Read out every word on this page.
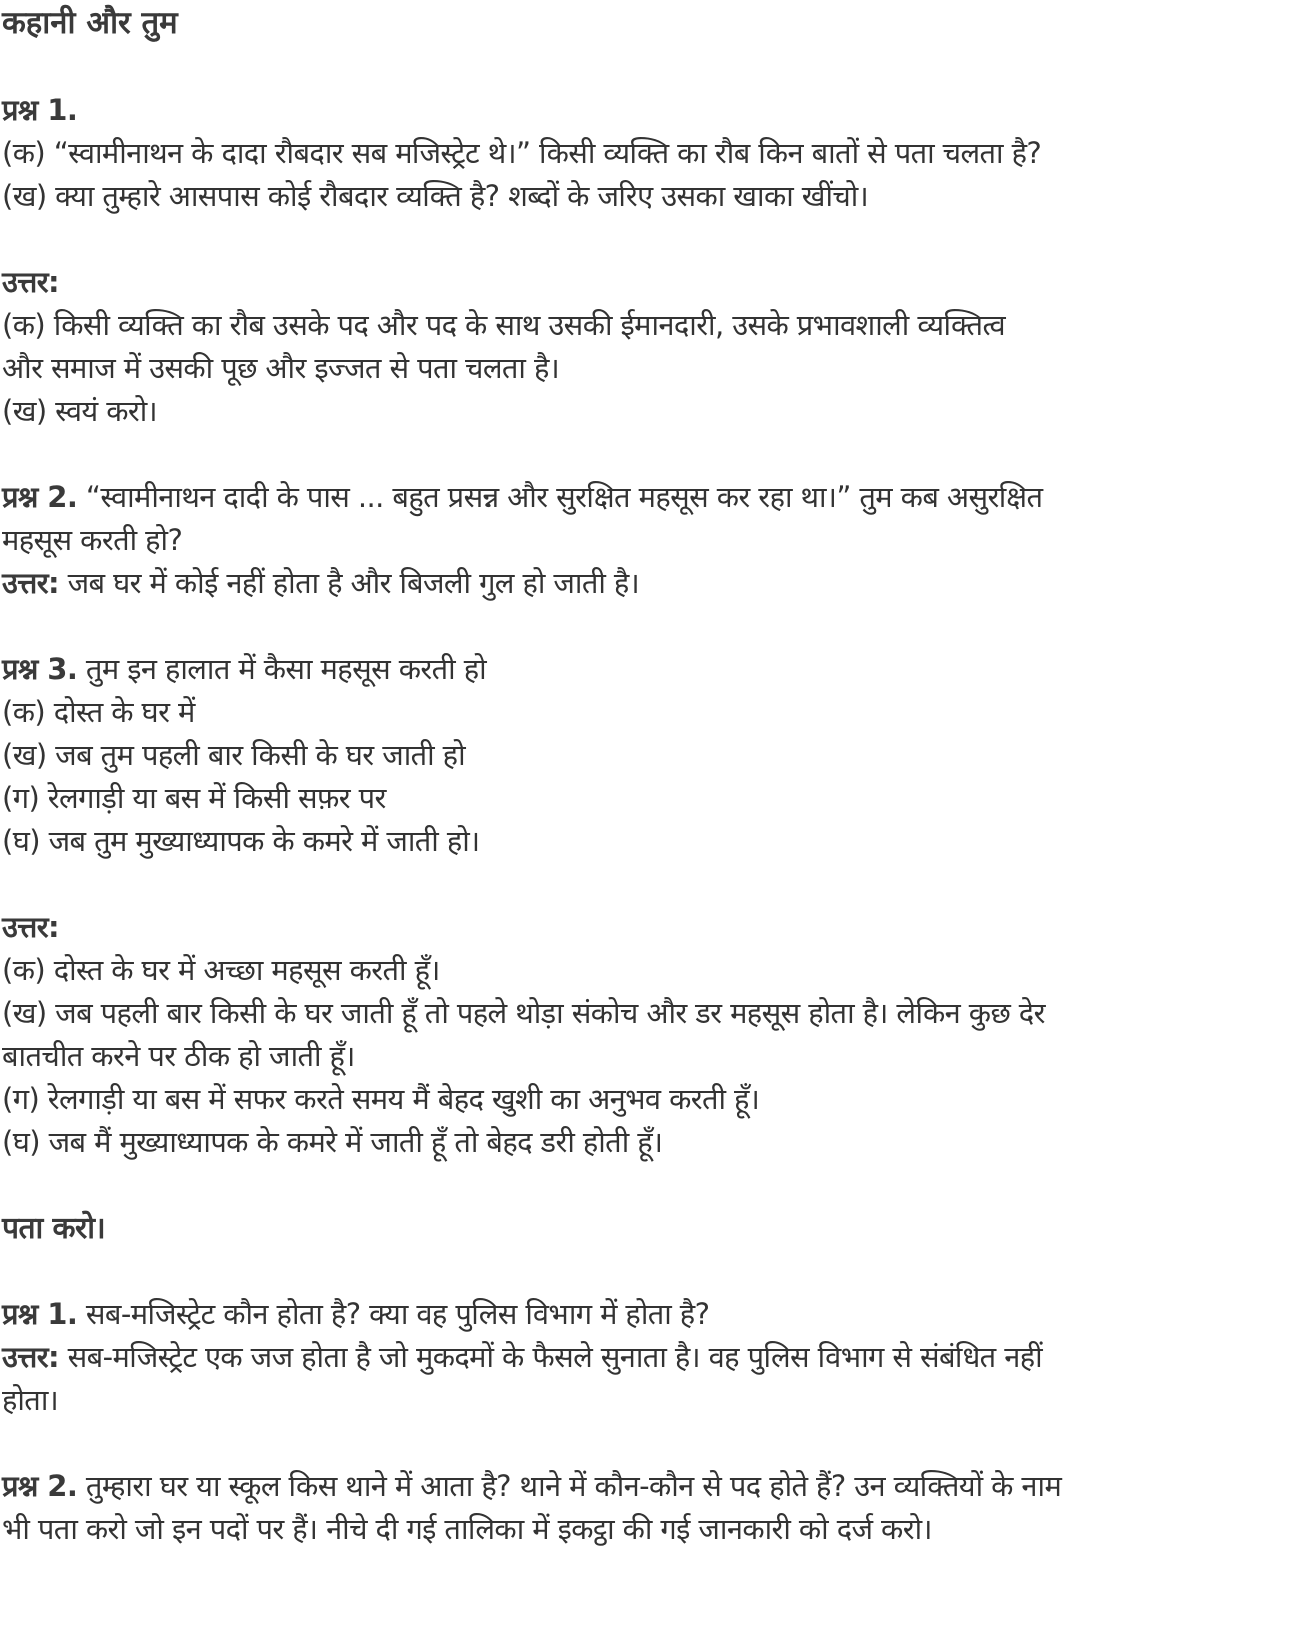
कहानी और तुम
प्रश्न 1.
(क) “स्वामीनाथन के दादा रौबदार सब मजिस्ट्रेट थे।” किसी व्यक्ति का रौब किन बातों से पता चलता है?
(ख) क्या तुम्हारे आसपास कोई रौबदार व्यक्ति है? शब्दों के जरिए उसका खाका खींचो।
उत्तर:
(क) किसी व्यक्ति का रौब उसके पद और पद के साथ उसकी ईमानदारी, उसके प्रभावशाली व्यक्तित्व
और समाज में उसकी पूछ और इज्जत से पता चलता है।
(ख) स्वयं करो।
प्रश्न 2. “स्वामीनाथन दादी के पास ... बहुत प्रसन्न और सुरक्षित महसूस कर रहा था।” तुम कब असुरक्षित
महसूस करती हो?
उत्तर: जब घर में कोई नहीं होता है और बिजली गुल हो जाती है।
प्रश्न 3. तुम इन हालात में कैसा महसूस करती हो
(क) दोस्त के घर में
(ख) जब तुम पहली बार किसी के घर जाती हो
(ग) रेलगाड़ी या बस में किसी सफ़र पर
(घ) जब तुम मुख्याध्यापक के कमरे में जाती हो।
उत्तर:
(क) दोस्त के घर में अच्छा महसूस करती हूँ।
(ख) जब पहली बार किसी के घर जाती हूँ तो पहले थोड़ा संकोच और डर महसूस होता है। लेकिन कुछ देर
बातचीत करने पर ठीक हो जाती हूँ।
(ग) रेलगाड़ी या बस में सफर करते समय मैं बेहद खुशी का अनुभव करती हूँ।
(घ) जब मैं मुख्याध्यापक के कमरे में जाती हूँ तो बेहद डरी होती हूँ।
पता करो।
प्रश्न 1. सब-मजिस्ट्रेट कौन होता है? क्या वह पुलिस विभाग में होता है?
उत्तर: सब-मजिस्ट्रेट एक जज होता है जो मुकदमों के फैसले सुनाता है। वह पुलिस विभाग से संबंधित नहीं
होता।
प्रश्न 2. तुम्हारा घर या स्कूल किस थाने में आता है? थाने में कौन-कौन से पद होते हैं? उन व्यक्तियों के नाम
भी पता करो जो इन पदों पर हैं। नीचे दी गई तालिका में इकट्ठा की गई जानकारी को दर्ज करो।
